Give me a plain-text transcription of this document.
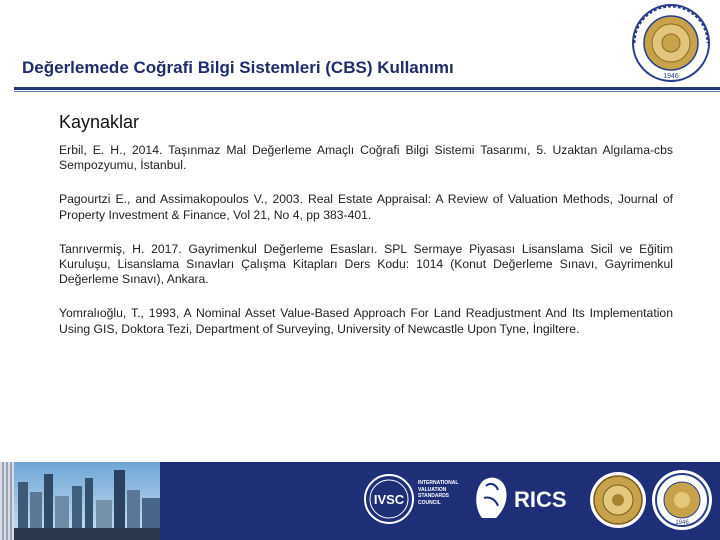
Değerlemede Coğrafi Bilgi Sistemleri (CBS) Kullanımı	1946
Kaynaklar

Erbil, E. H., 2014. Taşınmaz Mal Değerleme Amaçlı Coğrafi Bilgi Sistemi Tasarımı, 5. Uzaktan Algılama-cbs Sempozyumu, İstanbul.

Pagourtzi E., and Assimakopoulos V., 2003. Real Estate Appraisal: A Review of Valuation Methods, Journal of Property Investment & Finance, Vol 21, No 4, pp 383-401.

Tanrıvermiş, H. 2017. Gayrimenkul Değerleme Esasları. SPL Sermaye Piyasası Lisanslama Sicil ve Eğitim Kuruluşu, Lisanslama Sınavları Çalışma Kitapları Ders Kodu: 1014 (Konut Değerleme Sınavı, Gayrimenkul Değerleme Sınavı), Ankara.

Yomralıoğlu, T., 1993, A Nominal Asset Value-Based Approach For Land Readjustment And Its Implementation Using GIS, Doktora Tezi, Department of Surveying, University of Newcastle Upon Tyne, İngiltere.

IVSC
INTERNATIONAL VALUATION STANDARDS COUNCIL	RICS
1946
